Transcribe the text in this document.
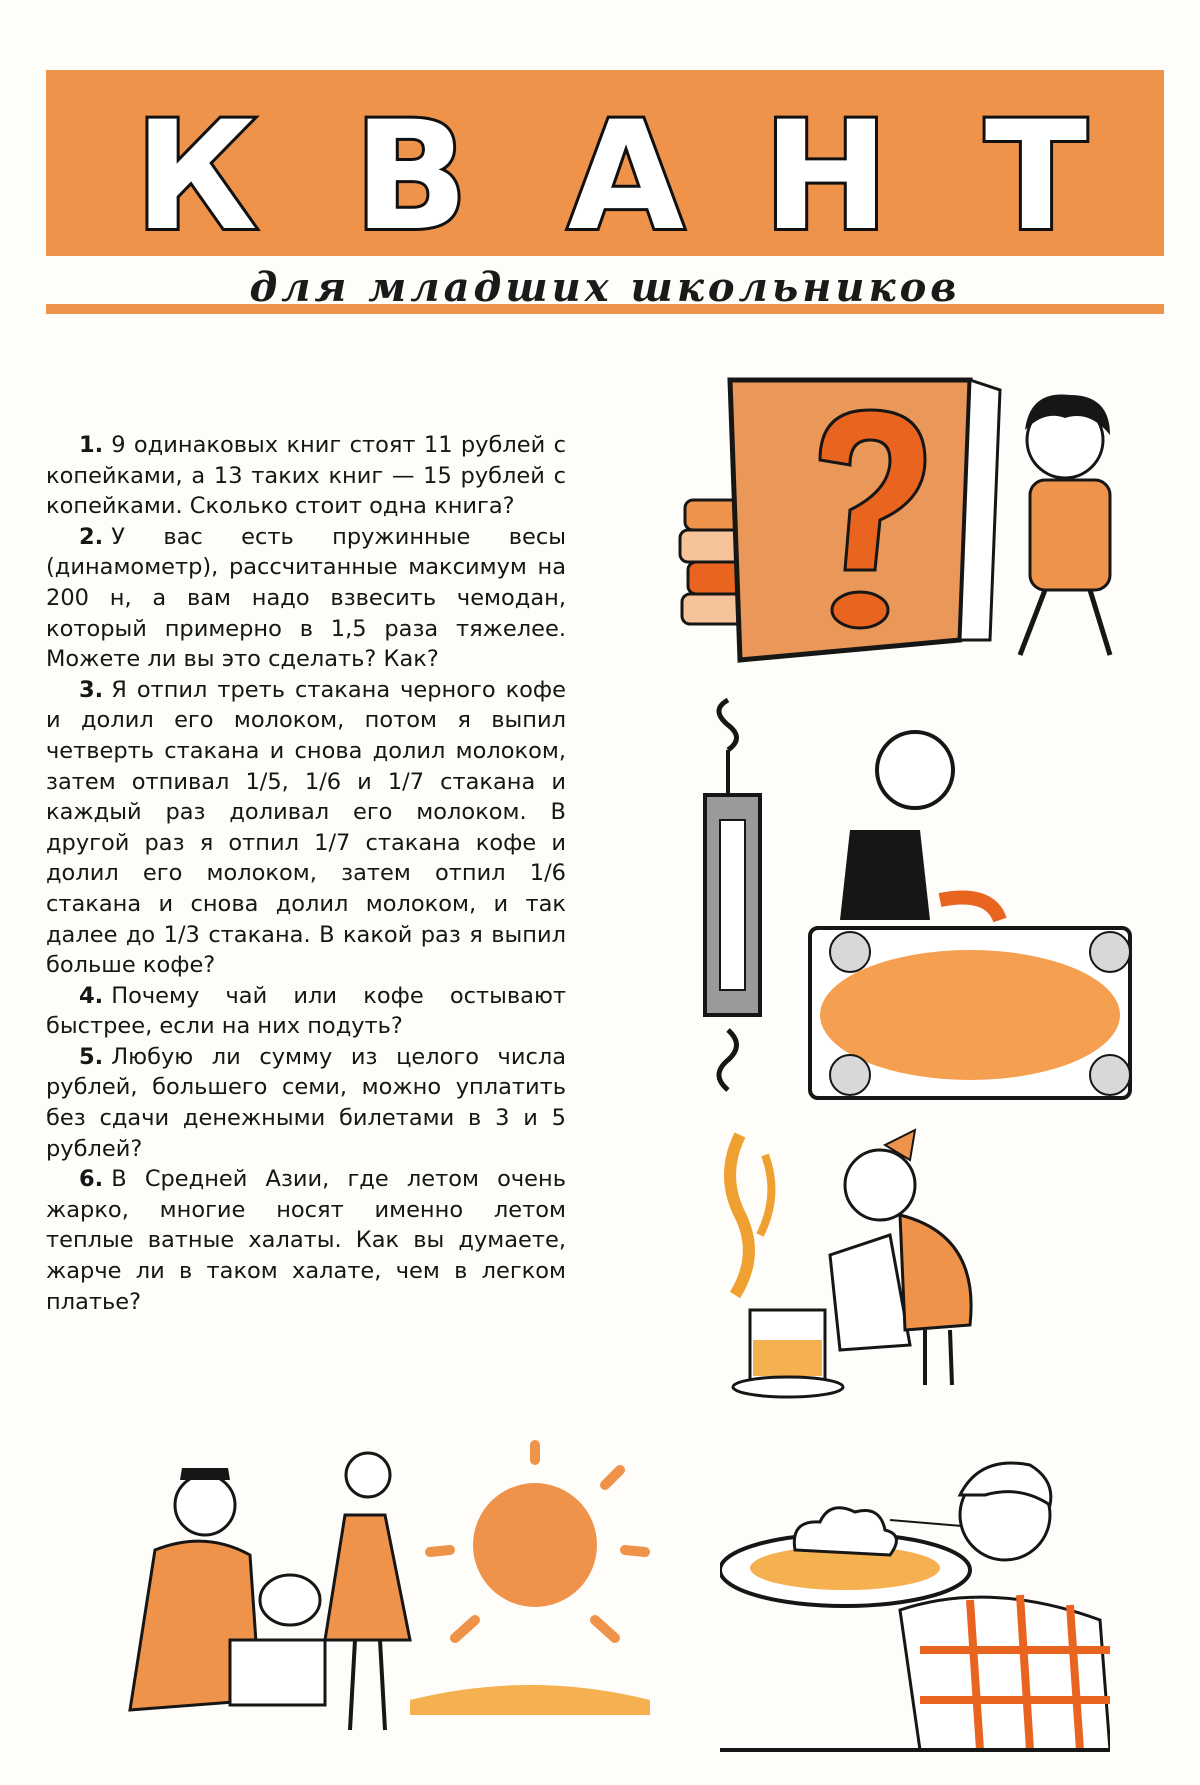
К В А Н Т
для младших школьников

1. 9 одинаковых книг стоят 11 рублей с копейками, а 13 таких книг — 15 рублей с копейками. Сколько стоит одна книга?

2. У вас есть пружинные весы (динамометр), рассчитанные максимум на 200 н, а вам надо взвесить чемодан, который примерно в 1,5 раза тяжелее. Можете ли вы это сделать? Как?

3. Я отпил треть стакана черного кофе и долил его молоком, потом я выпил четверть стакана и снова долил молоком, затем отпивал 1/5, 1/6 и 1/7 стакана и каждый раз доливал его молоком. В другой раз я отпил 1/7 стакана кофе и долил его молоком, затем отпил 1/6 стакана и снова долил молоком, и так далее до 1/3 стакана. В какой раз я выпил больше кофе?

4. Почему чай или кофе остывают быстрее, если на них подуть?

5. Любую ли сумму из целого числа рублей, большего семи, можно уплатить без сдачи денежными билетами в 3 и 5 рублей?

6. В Средней Азии, где летом очень жарко, многие носят именно летом теплые ватные халаты. Как вы думаете, жарче ли в таком халате, чем в легком платье?
